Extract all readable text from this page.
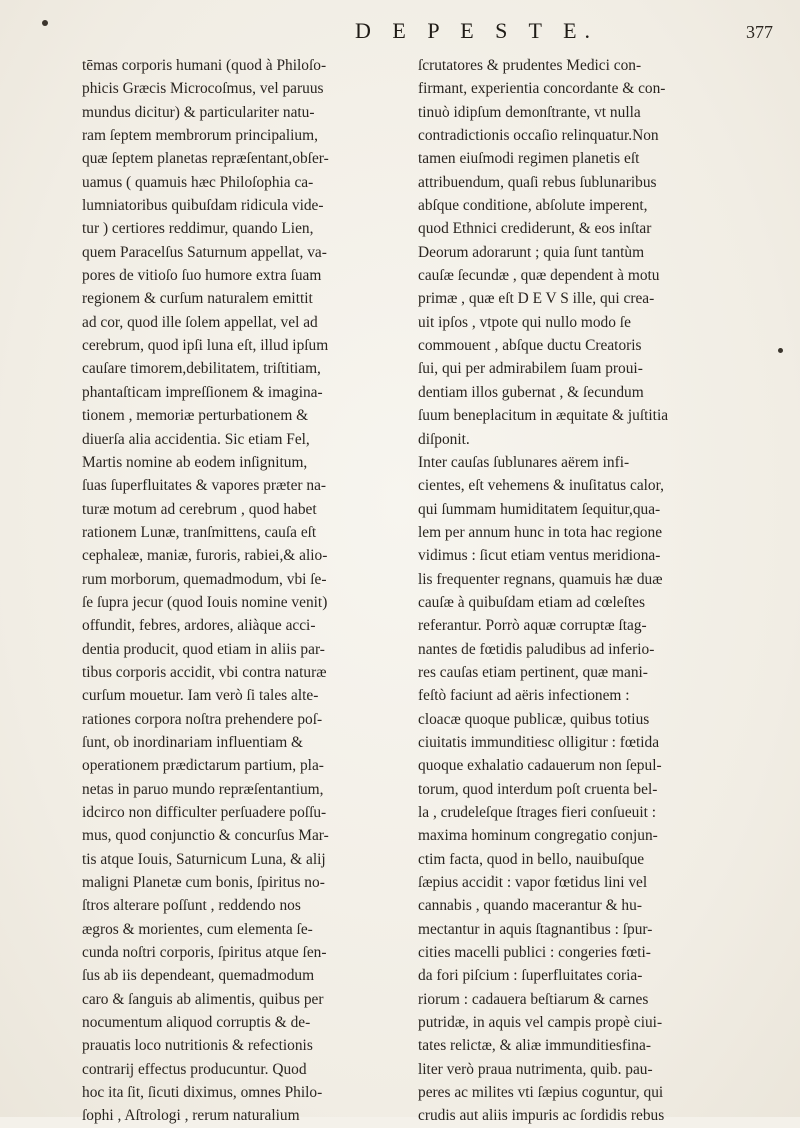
D E P E S T E.	377
tēmas corporis humani (quod à Philoſo-
phicis Græcis Microcoſmus, vel paruus
mundus dicitur) & particulariter natu-
ram ſeptem membrorum principalium,
quæ ſeptem planetas repræſentant,obſer-
uamus ( quamuis hæc Philoſophia ca-
lumniatoribus quibuſdam ridicula vide-
tur ) certiores reddimur, quando Lien,
quem Paracelſus Saturnum appellat, va-
pores de vitioſo ſuo humore extra ſuam
regionem & curſum naturalem emittit
ad cor, quod ille ſolem appellat, vel ad
cerebrum, quod ipſi luna eſt, illud ipſum
cauſare timorem,debilitatem, triſtitiam,
phantaſticam impreſſionem & imagina-
tionem , memoriæ perturbationem &
diuerſa alia accidentia. Sic etiam Fel,
Martis nomine ab eodem inſignitum,
ſuas ſuperfluitates & vapores præter na-
turæ motum ad cerebrum , quod habet
rationem Lunæ, tranſmittens, cauſa eſt
cephaleæ, maniæ, furoris, rabiei,& alio-
rum morborum, quemadmodum, vbi ſe-
ſe ſupra jecur (quod Iouis nomine venit)
offundit, febres, ardores, aliàque acci-
dentia producit, quod etiam in aliis par-
tibus corporis accidit, vbi contra naturæ
curſum mouetur. Iam verò ſi tales alte-
rationes corpora noſtra prehendere poſ-
ſunt, ob inordinariam influentiam &
operationem prædictarum partium, pla-
netas in paruo mundo repræſentantium,
idcirco non difficulter perſuadere poſſu-
mus, quod conjunctio & concurſus Mar-
tis atque Iouis, Saturnicum Luna, & alij
maligni Planetæ cum bonis, ſpiritus no-
ſtros alterare poſſunt , reddendo nos
ægros & morientes, cum elementa ſe-
cunda noſtri corporis, ſpiritus atque ſen-
ſus ab iis dependeant, quemadmodum
caro & ſanguis ab alimentis, quibus per
nocumentum aliquod corruptis & de-
prauatis loco nutritionis & refectionis
contrarij effectus producuntur. Quod
hoc ita ſit, ſicuti diximus, omnes Philo-
ſophi , Aſtrologi , rerum naturalium
ſcrutatores & prudentes Medici con-
firmant, experientia concordante & con-
tinuò idipſum demonſtrante, vt nulla
contradictionis occaſio relinquatur.Non
tamen eiuſmodi regimen planetis eſt
attribuendum, quaſi rebus ſublunaribus
abſque conditione, abſolute imperent,
quod Ethnici crediderunt, & eos inſtar
Deorum adorarunt ; quia ſunt tantùm
cauſæ ſecundæ , quæ dependent à motu
primæ , quæ eſt D E V S ille, qui crea-
uit ipſos , vtpote qui nullo modo ſe
commouent , abſque ductu Creatoris
ſui, qui per admirabilem ſuam proui-
dentiam illos gubernat , & ſecundum
ſuum beneplacitum in æquitate & juſtitia
diſponit.
Inter cauſas ſublunares aërem infi-
cientes, eſt vehemens & inuſitatus calor,
qui ſummam humiditatem ſequitur,qua-
lem per annum hunc in tota hac regione
vidimus : ſicut etiam ventus meridiona-
lis frequenter regnans, quamuis hæ duæ
cauſæ à quibuſdam etiam ad cœleſtes
referantur. Porrò aquæ corruptæ ſtag-
nantes de fœtidis paludibus ad inferio-
res cauſas etiam pertinent, quæ mani-
feſtò faciunt ad aëris infectionem :
cloacæ quoque publicæ, quibus totius
ciuitatis immunditiesc olligitur : fœtida
quoque exhalatio cadauerum non ſepul-
torum, quod interdum poſt cruenta bel-
la , crudeleſque ſtrages fieri conſueuit :
maxima hominum congregatio conjun-
ctim facta, quod in bello, nauibuſque
ſæpius accidit : vapor fœtidus lini vel
cannabis , quando macerantur & hu-
mectantur in aquis ſtagnantibus : ſpur-
cities macelli publici : congeries fœti-
da fori piſcium : ſuperfluitates coria-
riorum : cadauera beſtiarum & carnes
putridæ, in aquis vel campis propè ciui-
tates relictæ, & aliæ immunditiesfina-
liter verò praua nutrimenta, quib. pau-
peres ac milites vti ſæpius coguntur, qui
crudis aut aliis impuris ac ſordidis rebus
